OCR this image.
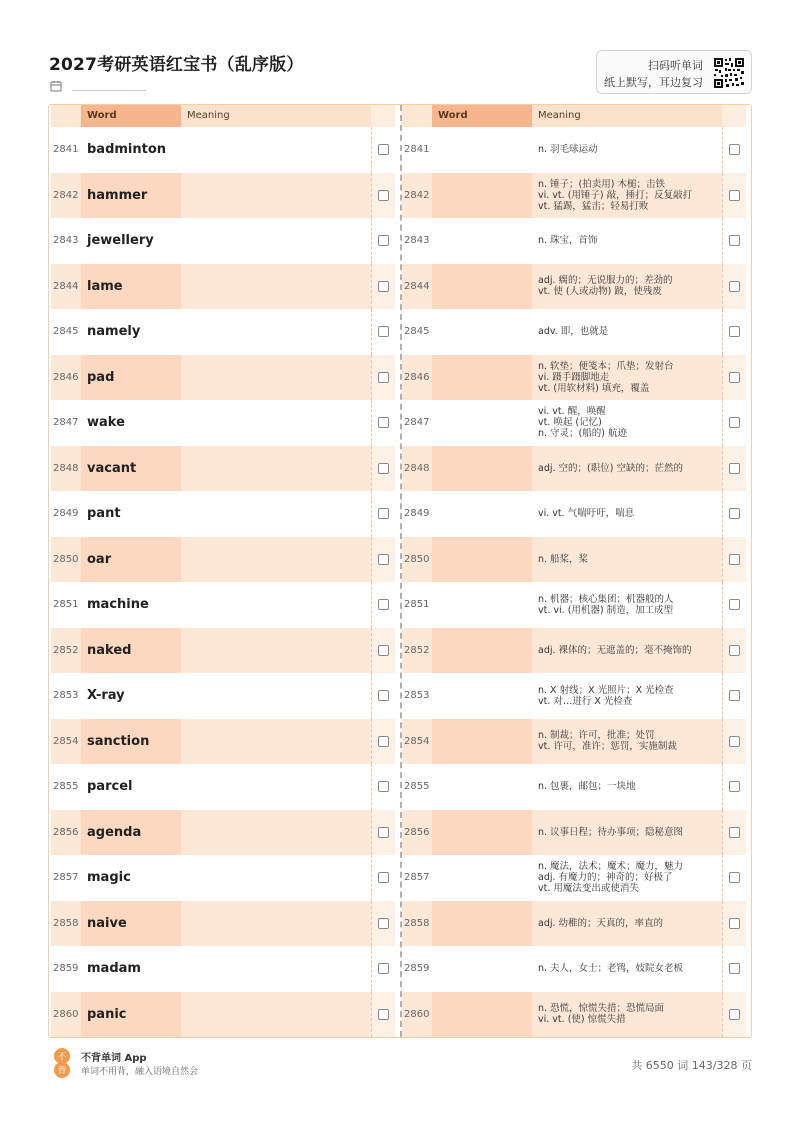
2027考研英语红宝书（乱序版）	扫码听单词
纸上默写，耳边复习
Word	Meaning
2841 badminton
2842 hammer
2843 jewellery
2844 lame
2845 namely
2846 pad
2847 wake
2848 vacant
2849 pant
2850 oar
2851 machine
2852 naked
2853 X-ray
2854 sanction
2855 parcel
2856 agenda
2857 magic
2858 naive
2859 madam
2860 panic
Word	Meaning
2841	n. 羽毛球运动
2842
n. 锤子；(拍卖用) 木槌；击铁
vi. vt. (用锤子) 敲，捶打；反复敲打
vt. 猛踢，猛击；轻易打败
2843	n. 珠宝，首饰
2844	adj. 瘸的；无说服力的；差劲的
vt. 使 (人或动物) 跛，使残废
2845	adv. 即，也就是
2846
n. 软垫；便笺本；爪垫；发射台
vi. 蹑手蹑脚地走
vt. (用软材料) 填充，覆盖
2847
vi. vt. 醒，唤醒
vt. 唤起 (记忆)
n. 守灵；(船的) 航迹
2848	adj. 空的；(职位) 空缺的；茫然的
2849	vi. vt. 气喘吁吁，喘息
2850	n. 船桨，桨
2851	n. 机器；核心集团；机器般的人
vt. vi. (用机器) 制造，加工成型
2852	adj. 裸体的；无遮盖的；毫不掩饰的
2853	n. X 射线；X 光照片；X 光检查
vt. 对…进行 X 光检查
2854	n. 制裁；许可，批准；处罚
vt. 许可，准许；惩罚，实施制裁
2855	n. 包裹，邮包；一块地
2856	n. 议事日程；待办事项；隐秘意图
2857
n. 魔法，法术；魔术；魔力，魅力
adj. 有魔力的；神奇的；好极了
vt. 用魔法变出或使消失
2858	adj. 幼稚的；天真的，率直的
2859	n. 夫人，女士；老鸨，妓院女老板
2860	n. 恐慌，惊慌失措；恐慌局面
vi. vt. (使) 惊慌失措
不
背
不背单词 App
单词不用背，融入语境自然会	共 6550 词 143/328 页
